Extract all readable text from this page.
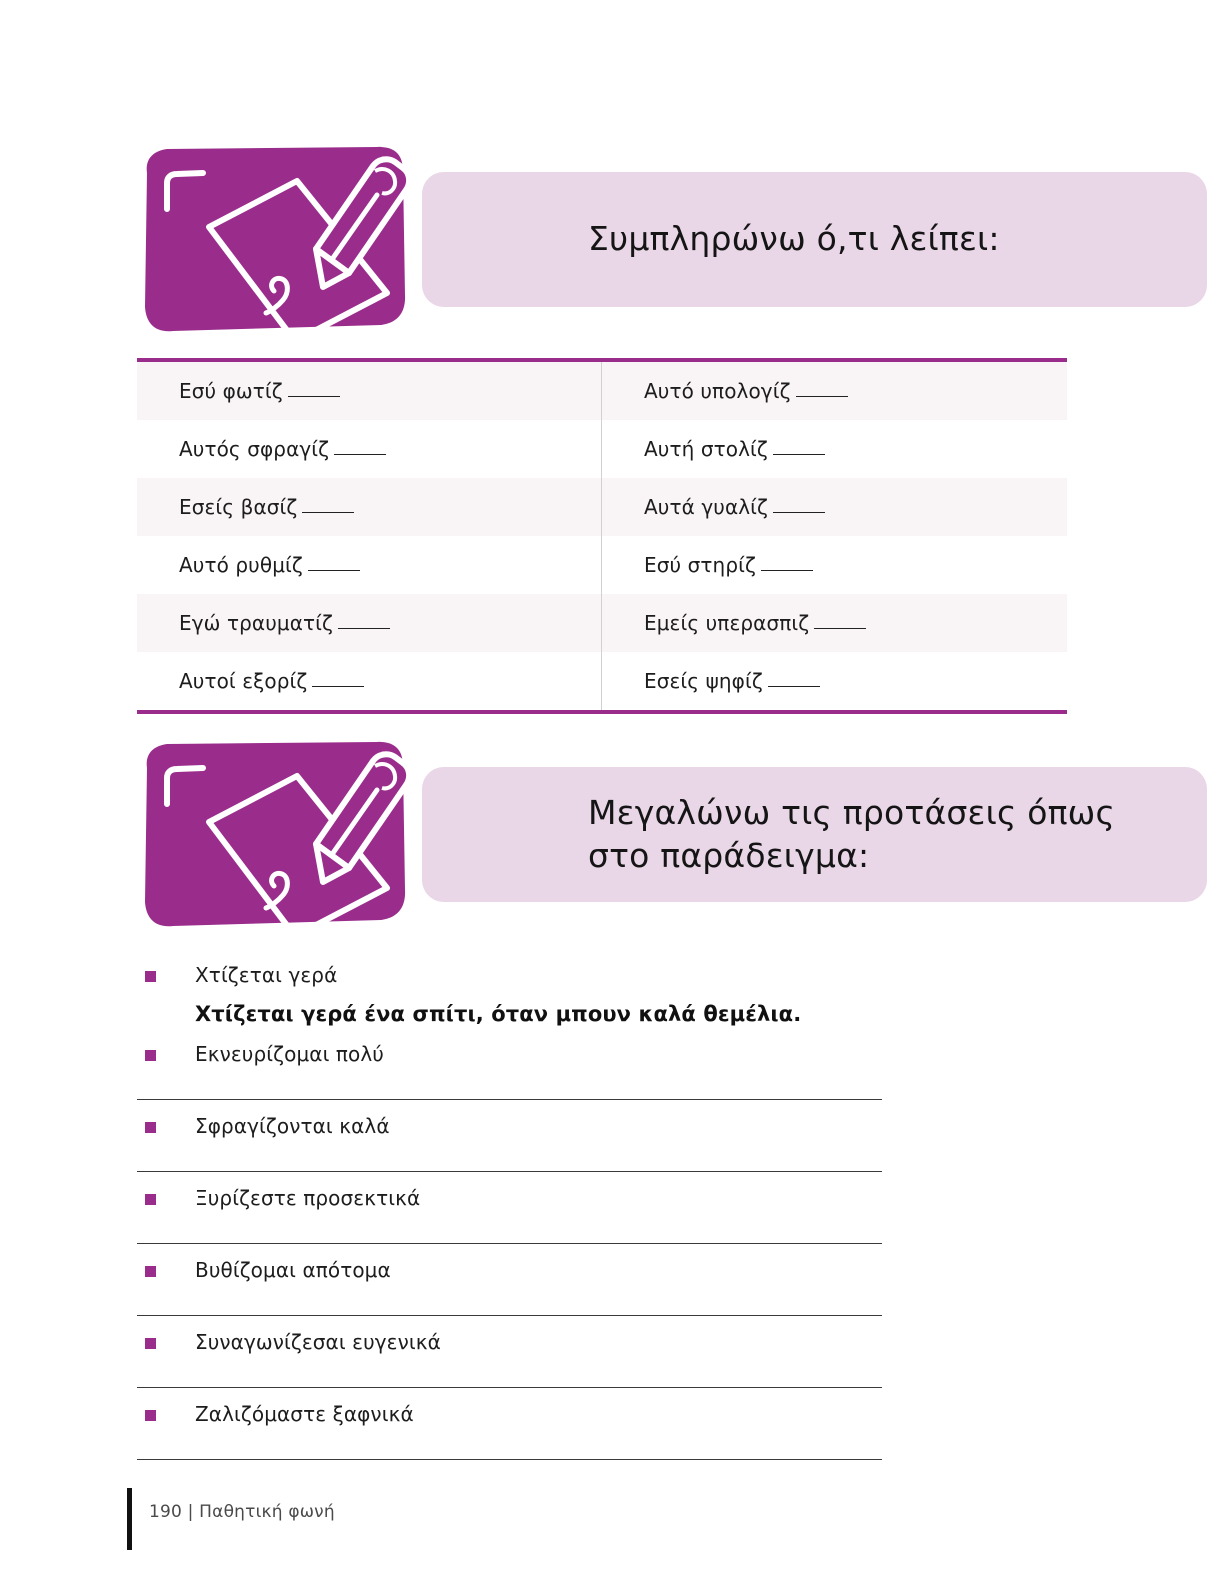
Συμπληρώνω ό,τι λείπει:
Εσύ φωτίζ	Αυτό υπολογίζ
Αυτός σφραγίζ	Αυτή στολίζ
Εσείς βασίζ	Αυτά γυαλίζ
Αυτό ρυθμίζ	Εσύ στηρίζ
Εγώ τραυματίζ	Εμείς υπερασπιζ
Αυτοί εξορίζ	Εσείς ψηφίζ
Μεγαλώνω τις προτάσεις όπως στο παράδειγμα:
Χτίζεται γερά
Χτίζεται γερά ένα σπίτι, όταν μπουν καλά θεμέλια.
Εκνευρίζομαι πολύ
Σφραγίζονται καλά
Ξυρίζεστε προσεκτικά
Βυθίζομαι απότομα
Συναγωνίζεσαι ευγενικά
Ζαλιζόμαστε ξαφνικά
190 | Παθητική φωνή
